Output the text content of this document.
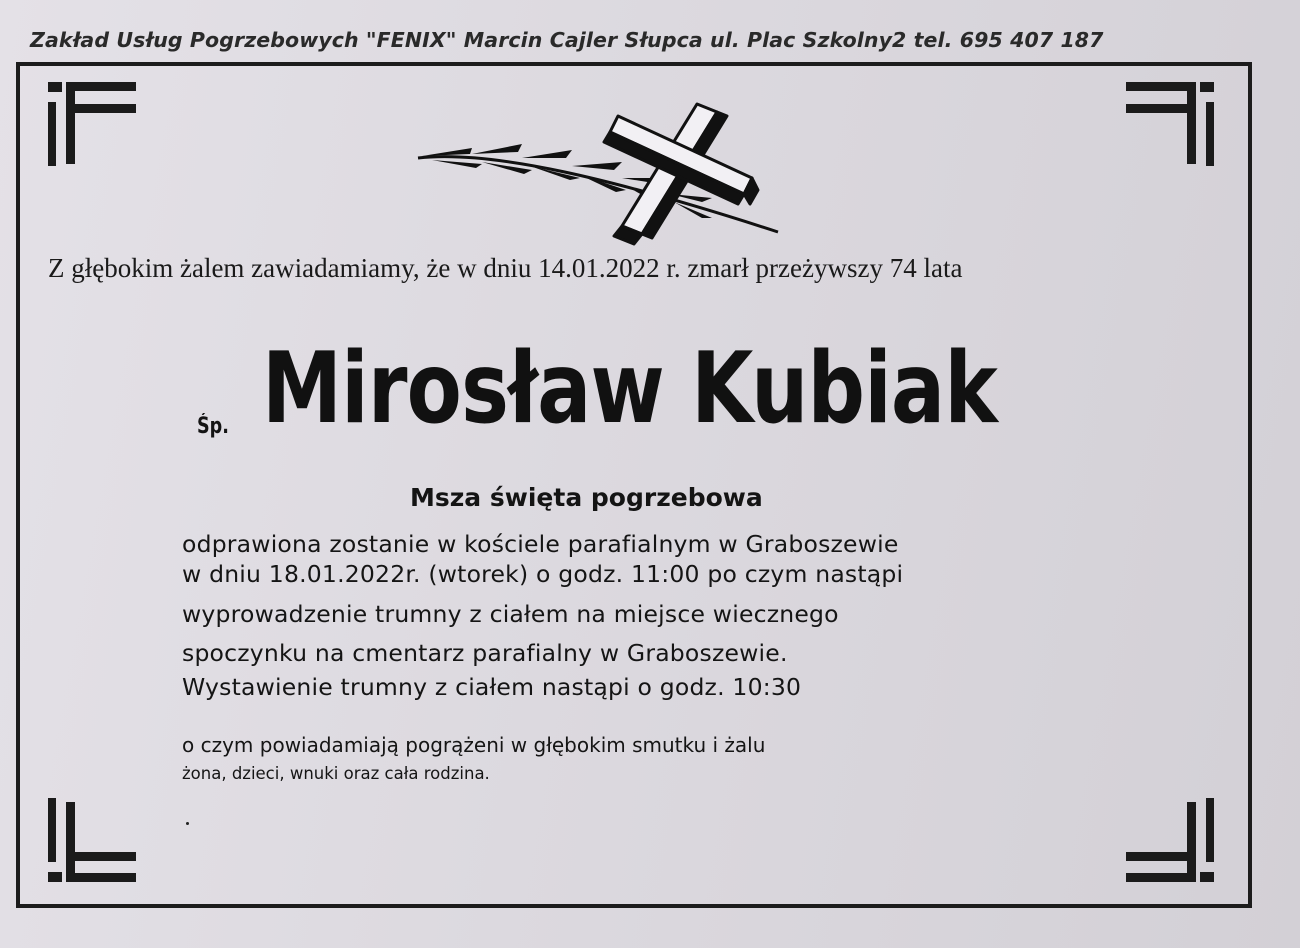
Zakład Usług Pogrzebowych "FENIX" Marcin Cajler Słupca ul. Plac Szkolny2 tel. 695 407 187
Z głębokim żalem zawiadamiamy, że w dniu 14.01.2022 r. zmarł przeżywszy 74 lata
Śp. Mirosław Kubiak
Msza święta pogrzebowa
odprawiona zostanie w kościele parafialnym w Graboszewie
w dniu 18.01.2022r. (wtorek) o godz. 11:00 po czym nastąpi
wyprowadzenie trumny z ciałem na miejsce wiecznego
spoczynku na cmentarz parafialny w Graboszewie.
Wystawienie trumny z ciałem nastąpi o godz. 10:30
o czym powiadamiają pogrążeni w głębokim smutku i żalu
żona, dzieci, wnuki oraz cała rodzina.
